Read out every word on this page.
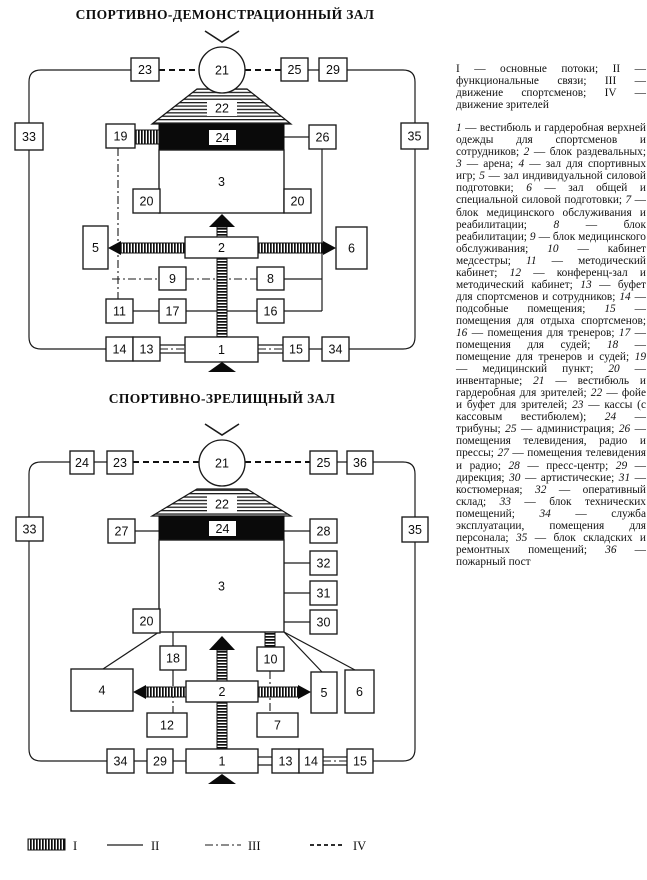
СПОРТИВНО-ДЕМОНСТРАЦИОННЫЙ ЗАЛ
23	25 29
33	35
19	26
3
20	20
5	2	6
9	8
11	17	16
14 13	1	15 34
21
22
24
СПОРТИВНО-ЗРЕЛИЩНЫЙ ЗАЛ
24 23	25 36
33	35
27	28
3
32
31
30
20
18	10
4	2	5 6
12	7
34 29	1	13 14	15
21
22
24
I	II	III	IV

I — основные потоки; II — функциональные связи; III — движение спортсменов; IV — движение зрителей

1 — вестибюль и гардеробная верхней одежды для спортсменов и сотрудников; 2 — блок раздевальных; 3 — арена; 4 — зал для спортивных игр; 5 — зал индивидуальной силовой подготовки; 6 — зал общей и специальной силовой подготовки; 7 — блок медицинского обслуживания и реабилитации; 8 — блок реабилитации; 9 — блок медицинского обслуживания; 10 — кабинет медсестры; 11 — методический кабинет; 12 — конференц-зал и методический кабинет; 13 — буфет для спортсменов и сотрудников; 14 — подсобные помещения; 15 — помещения для отдыха спортсменов; 16 — помещения для тренеров; 17 — помещения для судей; 18 — помещение для тренеров и судей; 19 — медицинский пункт; 20 — инвентарные; 21 — вестибюль и гардеробная для зрителей; 22 — фойе и буфет для зрителей; 23 — кассы (с кассовым вестибюлем); 24 — трибуны; 25 — администрация; 26 — помещения телевидения, радио и прессы; 27 — помещения телевидения и радио; 28 — пресс-центр; 29 — дирекция; 30 — артистические; 31 — костюмерная; 32 — оперативный склад; 33 — блок технических помещений; 34 — служба эксплуатации, помещения для персонала; 35 — блок складских и ремонтных помещений; 36 — пожарный пост
